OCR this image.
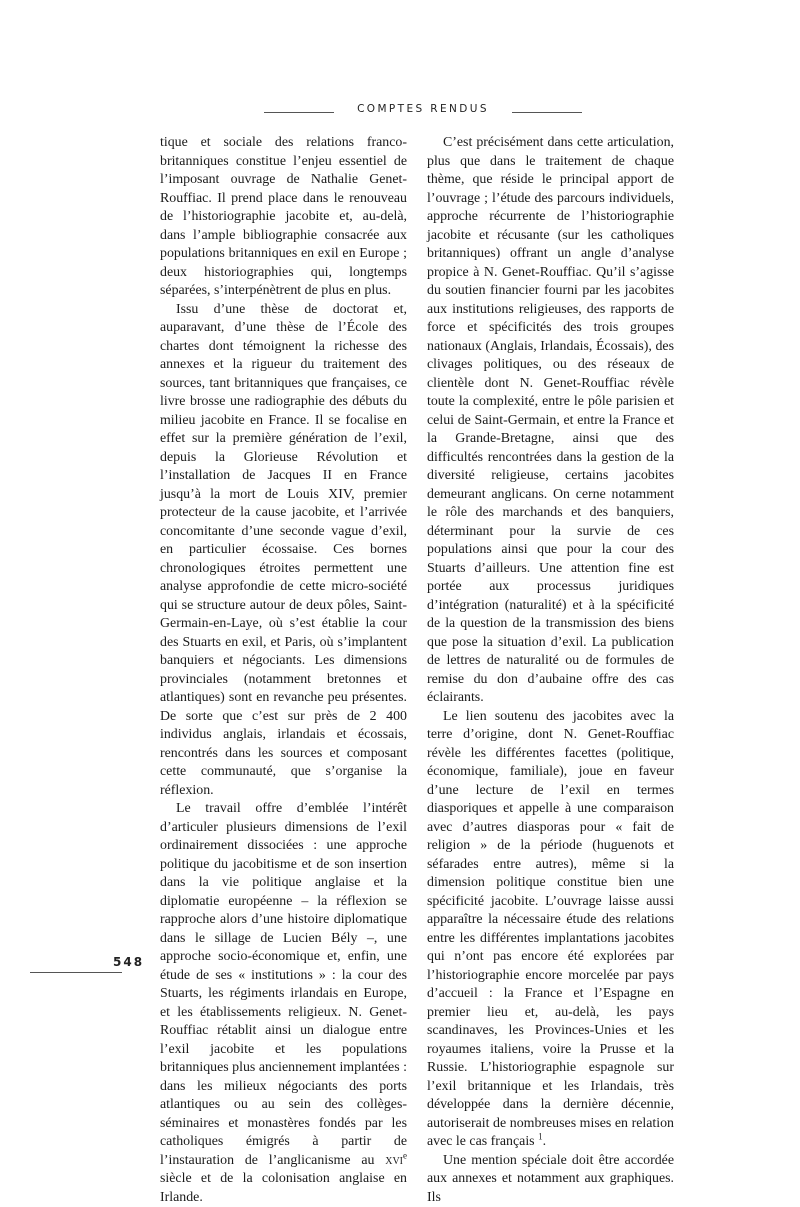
COMPTES RENDUS

tique et sociale des relations franco-britanniques constitue l’enjeu essentiel de l’imposant ouvrage de Nathalie Genet-Rouffiac. Il prend place dans le renouveau de l’historiographie jacobite et, au-delà, dans l’ample bibliographie consacrée aux populations britanniques en exil en Europe ; deux historiographies qui, longtemps séparées, s’interpénètrent de plus en plus.

Issu d’une thèse de doctorat et, auparavant, d’une thèse de l’École des chartes dont témoignent la richesse des annexes et la rigueur du traitement des sources, tant britanniques que françaises, ce livre brosse une radiographie des débuts du milieu jacobite en France. Il se focalise en effet sur la première génération de l’exil, depuis la Glorieuse Révolution et l’installation de Jacques II en France jusqu’à la mort de Louis XIV, premier protecteur de la cause jacobite, et l’arrivée concomitante d’une seconde vague d’exil, en particulier écossaise. Ces bornes chronologiques étroites permettent une analyse approfondie de cette micro-société qui se structure autour de deux pôles, Saint-Germain-en-Laye, où s’est établie la cour des Stuarts en exil, et Paris, où s’implantent banquiers et négociants. Les dimensions provinciales (notamment bretonnes et atlantiques) sont en revanche peu présentes. De sorte que c’est sur près de 2 400 individus anglais, irlandais et écossais, rencontrés dans les sources et composant cette communauté, que s’organise la réflexion.

Le travail offre d’emblée l’intérêt d’articuler plusieurs dimensions de l’exil ordinairement dissociées : une approche politique du jacobitisme et de son insertion dans la vie politique anglaise et la diplomatie européenne – la réflexion se rapproche alors d’une histoire diplomatique dans le sillage de Lucien Bély –, une approche socio-économique et, enfin, une étude de ses « institutions » : la cour des Stuarts, les régiments irlandais en Europe, et les établissements religieux. N. Genet-Rouffiac rétablit ainsi un dialogue entre l’exil jacobite et les populations britanniques plus anciennement implantées : dans les milieux négociants des ports atlantiques ou au sein des collèges-séminaires et monastères fondés par les catholiques émigrés à partir de l’instauration de l’anglicanisme au xvi$^e$ siècle et de la colonisation anglaise en Irlande.

C’est précisément dans cette articulation, plus que dans le traitement de chaque thème, que réside le principal apport de l’ouvrage ; l’étude des parcours individuels, approche récurrente de l’historiographie jacobite et récusante (sur les catholiques britanniques) offrant un angle d’analyse propice à N. Genet-Rouffiac. Qu’il s’agisse du soutien financier fourni par les jacobites aux institutions religieuses, des rapports de force et spécificités des trois groupes nationaux (Anglais, Irlandais, Écossais), des clivages politiques, ou des réseaux de clientèle dont N. Genet-Rouffiac révèle toute la complexité, entre le pôle parisien et celui de Saint-Germain, et entre la France et la Grande-Bretagne, ainsi que des difficultés rencontrées dans la gestion de la diversité religieuse, certains jacobites demeurant anglicans. On cerne notamment le rôle des marchands et des banquiers, déterminant pour la survie de ces populations ainsi que pour la cour des Stuarts d’ailleurs. Une attention fine est portée aux processus juridiques d’intégration (naturalité) et à la spécificité de la question de la transmission des biens que pose la situation d’exil. La publication de lettres de naturalité ou de formules de remise du don d’aubaine offre des cas éclairants.

Le lien soutenu des jacobites avec la terre d’origine, dont N. Genet-Rouffiac révèle les différentes facettes (politique, économique, familiale), joue en faveur d’une lecture de l’exil en termes diasporiques et appelle à une comparaison avec d’autres diasporas pour « fait de religion » de la période (huguenots et séfarades entre autres), même si la dimension politique constitue bien une spécificité jacobite. L’ouvrage laisse aussi apparaître la nécessaire étude des relations entre les différentes implantations jacobites qui n’ont pas encore été explorées par l’historiographie encore morcelée par pays d’accueil : la France et l’Espagne en premier lieu et, au-delà, les pays scandinaves, les Provinces-Unies et les royaumes italiens, voire la Prusse et la Russie. L’historiographie espagnole sur l’exil britannique et les Irlandais, très développée dans la dernière décennie, autoriserait de nombreuses mises en relation avec le cas français $^1$.

Une mention spéciale doit être accordée aux annexes et notamment aux graphiques. Ils

548
